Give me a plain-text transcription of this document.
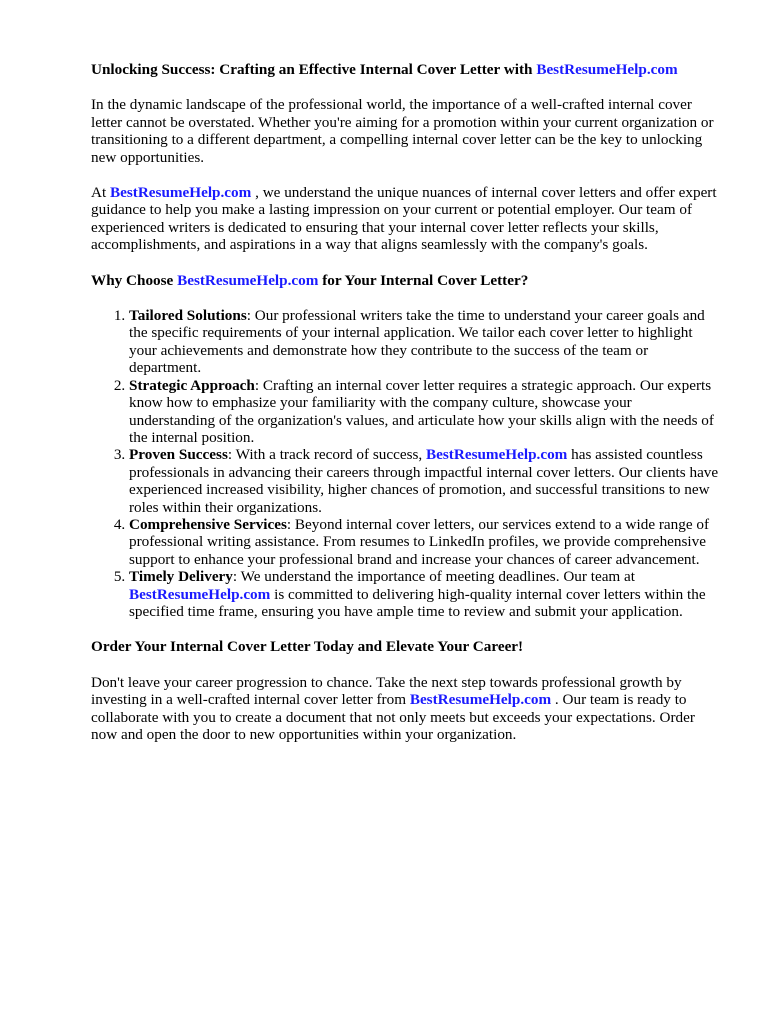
Unlocking Success: Crafting an Effective Internal Cover Letter with BestResumeHelp.com

In the dynamic landscape of the professional world, the importance of a well-crafted internal cover letter cannot be overstated. Whether you're aiming for a promotion within your current organization or transitioning to a different department, a compelling internal cover letter can be the key to unlocking new opportunities.

At BestResumeHelp.com , we understand the unique nuances of internal cover letters and offer expert guidance to help you make a lasting impression on your current or potential employer. Our team of experienced writers is dedicated to ensuring that your internal cover letter reflects your skills, accomplishments, and aspirations in a way that aligns seamlessly with the company's goals.

Why Choose BestResumeHelp.com for Your Internal Cover Letter?
1. Tailored Solutions: Our professional writers take the time to understand your career goals and the specific requirements of your internal application. We tailor each cover letter to highlight your achievements and demonstrate how they contribute to the success of the team or department.
2. Strategic Approach: Crafting an internal cover letter requires a strategic approach. Our experts know how to emphasize your familiarity with the company culture, showcase your understanding of the organization's values, and articulate how your skills align with the needs of the internal position.
3. Proven Success: With a track record of success, BestResumeHelp.com has assisted countless professionals in advancing their careers through impactful internal cover letters. Our clients have experienced increased visibility, higher chances of promotion, and successful transitions to new roles within their organizations.
4. Comprehensive Services: Beyond internal cover letters, our services extend to a wide range of professional writing assistance. From resumes to LinkedIn profiles, we provide comprehensive support to enhance your professional brand and increase your chances of career advancement.
5. Timely Delivery: We understand the importance of meeting deadlines. Our team at BestResumeHelp.com is committed to delivering high-quality internal cover letters within the specified time frame, ensuring you have ample time to review and submit your application.
Order Your Internal Cover Letter Today and Elevate Your Career!

Don't leave your career progression to chance. Take the next step towards professional growth by investing in a well-crafted internal cover letter from BestResumeHelp.com . Our team is ready to collaborate with you to create a document that not only meets but exceeds your expectations. Order now and open the door to new opportunities within your organization.
